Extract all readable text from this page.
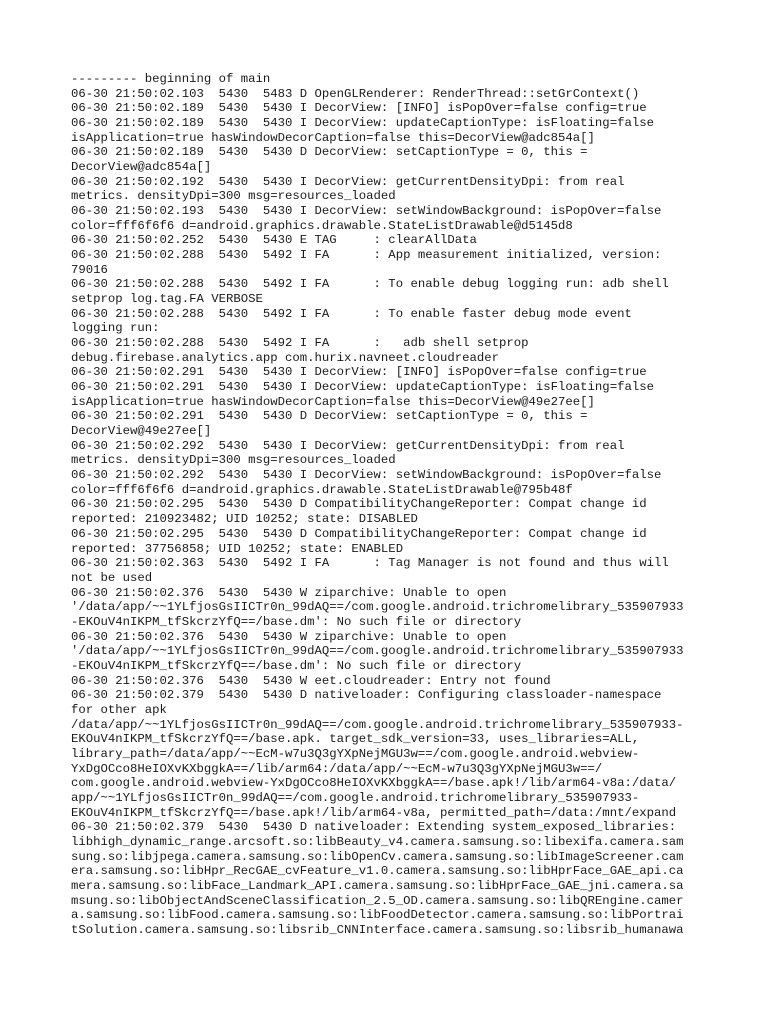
--------- beginning of main
06-30 21:50:02.103  5430  5483 D OpenGLRenderer: RenderThread::setGrContext()
06-30 21:50:02.189  5430  5430 I DecorView: [INFO] isPopOver=false config=true
06-30 21:50:02.189  5430  5430 I DecorView: updateCaptionType: isFloating=false
isApplication=true hasWindowDecorCaption=false this=DecorView@adc854a[]
06-30 21:50:02.189  5430  5430 D DecorView: setCaptionType = 0, this =
DecorView@adc854a[]
06-30 21:50:02.192  5430  5430 I DecorView: getCurrentDensityDpi: from real
metrics. densityDpi=300 msg=resources_loaded
06-30 21:50:02.193  5430  5430 I DecorView: setWindowBackground: isPopOver=false
color=fff6f6f6 d=android.graphics.drawable.StateListDrawable@d5145d8
06-30 21:50:02.252  5430  5430 E TAG     : clearAllData
06-30 21:50:02.288  5430  5492 I FA      : App measurement initialized, version:
79016
06-30 21:50:02.288  5430  5492 I FA      : To enable debug logging run: adb shell
setprop log.tag.FA VERBOSE
06-30 21:50:02.288  5430  5492 I FA      : To enable faster debug mode event
logging run:
06-30 21:50:02.288  5430  5492 I FA      :   adb shell setprop
debug.firebase.analytics.app com.hurix.navneet.cloudreader
06-30 21:50:02.291  5430  5430 I DecorView: [INFO] isPopOver=false config=true
06-30 21:50:02.291  5430  5430 I DecorView: updateCaptionType: isFloating=false
isApplication=true hasWindowDecorCaption=false this=DecorView@49e27ee[]
06-30 21:50:02.291  5430  5430 D DecorView: setCaptionType = 0, this =
DecorView@49e27ee[]
06-30 21:50:02.292  5430  5430 I DecorView: getCurrentDensityDpi: from real
metrics. densityDpi=300 msg=resources_loaded
06-30 21:50:02.292  5430  5430 I DecorView: setWindowBackground: isPopOver=false
color=fff6f6f6 d=android.graphics.drawable.StateListDrawable@795b48f
06-30 21:50:02.295  5430  5430 D CompatibilityChangeReporter: Compat change id
reported: 210923482; UID 10252; state: DISABLED
06-30 21:50:02.295  5430  5430 D CompatibilityChangeReporter: Compat change id
reported: 37756858; UID 10252; state: ENABLED
06-30 21:50:02.363  5430  5492 I FA      : Tag Manager is not found and thus will
not be used
06-30 21:50:02.376  5430  5430 W ziparchive: Unable to open
'/data/app/~~1YLfjosGsIICTr0n_99dAQ==/com.google.android.trichromelibrary_535907933
-EKOuV4nIKPM_tfSkcrzYfQ==/base.dm': No such file or directory
06-30 21:50:02.376  5430  5430 W ziparchive: Unable to open
'/data/app/~~1YLfjosGsIICTr0n_99dAQ==/com.google.android.trichromelibrary_535907933
-EKOuV4nIKPM_tfSkcrzYfQ==/base.dm': No such file or directory
06-30 21:50:02.376  5430  5430 W eet.cloudreader: Entry not found
06-30 21:50:02.379  5430  5430 D nativeloader: Configuring classloader-namespace
for other apk
/data/app/~~1YLfjosGsIICTr0n_99dAQ==/com.google.android.trichromelibrary_535907933-
EKOuV4nIKPM_tfSkcrzYfQ==/base.apk. target_sdk_version=33, uses_libraries=ALL,
library_path=/data/app/~~EcM-w7u3Q3gYXpNejMGU3w==/com.google.android.webview-
YxDgOCco8HeIOXvKXbggkA==/lib/arm64:/data/app/~~EcM-w7u3Q3gYXpNejMGU3w==/
com.google.android.webview-YxDgOCco8HeIOXvKXbggkA==/base.apk!/lib/arm64-v8a:/data/
app/~~1YLfjosGsIICTr0n_99dAQ==/com.google.android.trichromelibrary_535907933-
EKOuV4nIKPM_tfSkcrzYfQ==/base.apk!/lib/arm64-v8a, permitted_path=/data:/mnt/expand
06-30 21:50:02.379  5430  5430 D nativeloader: Extending system_exposed_libraries:
libhigh_dynamic_range.arcsoft.so:libBeauty_v4.camera.samsung.so:libexifa.camera.sam
sung.so:libjpega.camera.samsung.so:libOpenCv.camera.samsung.so:libImageScreener.cam
era.samsung.so:libHpr_RecGAE_cvFeature_v1.0.camera.samsung.so:libHprFace_GAE_api.ca
mera.samsung.so:libFace_Landmark_API.camera.samsung.so:libHprFace_GAE_jni.camera.sa
msung.so:libObjectAndSceneClassification_2.5_OD.camera.samsung.so:libQREngine.camer
a.samsung.so:libFood.camera.samsung.so:libFoodDetector.camera.samsung.so:libPortrai
tSolution.camera.samsung.so:libsrib_CNNInterface.camera.samsung.so:libsrib_humanawa
